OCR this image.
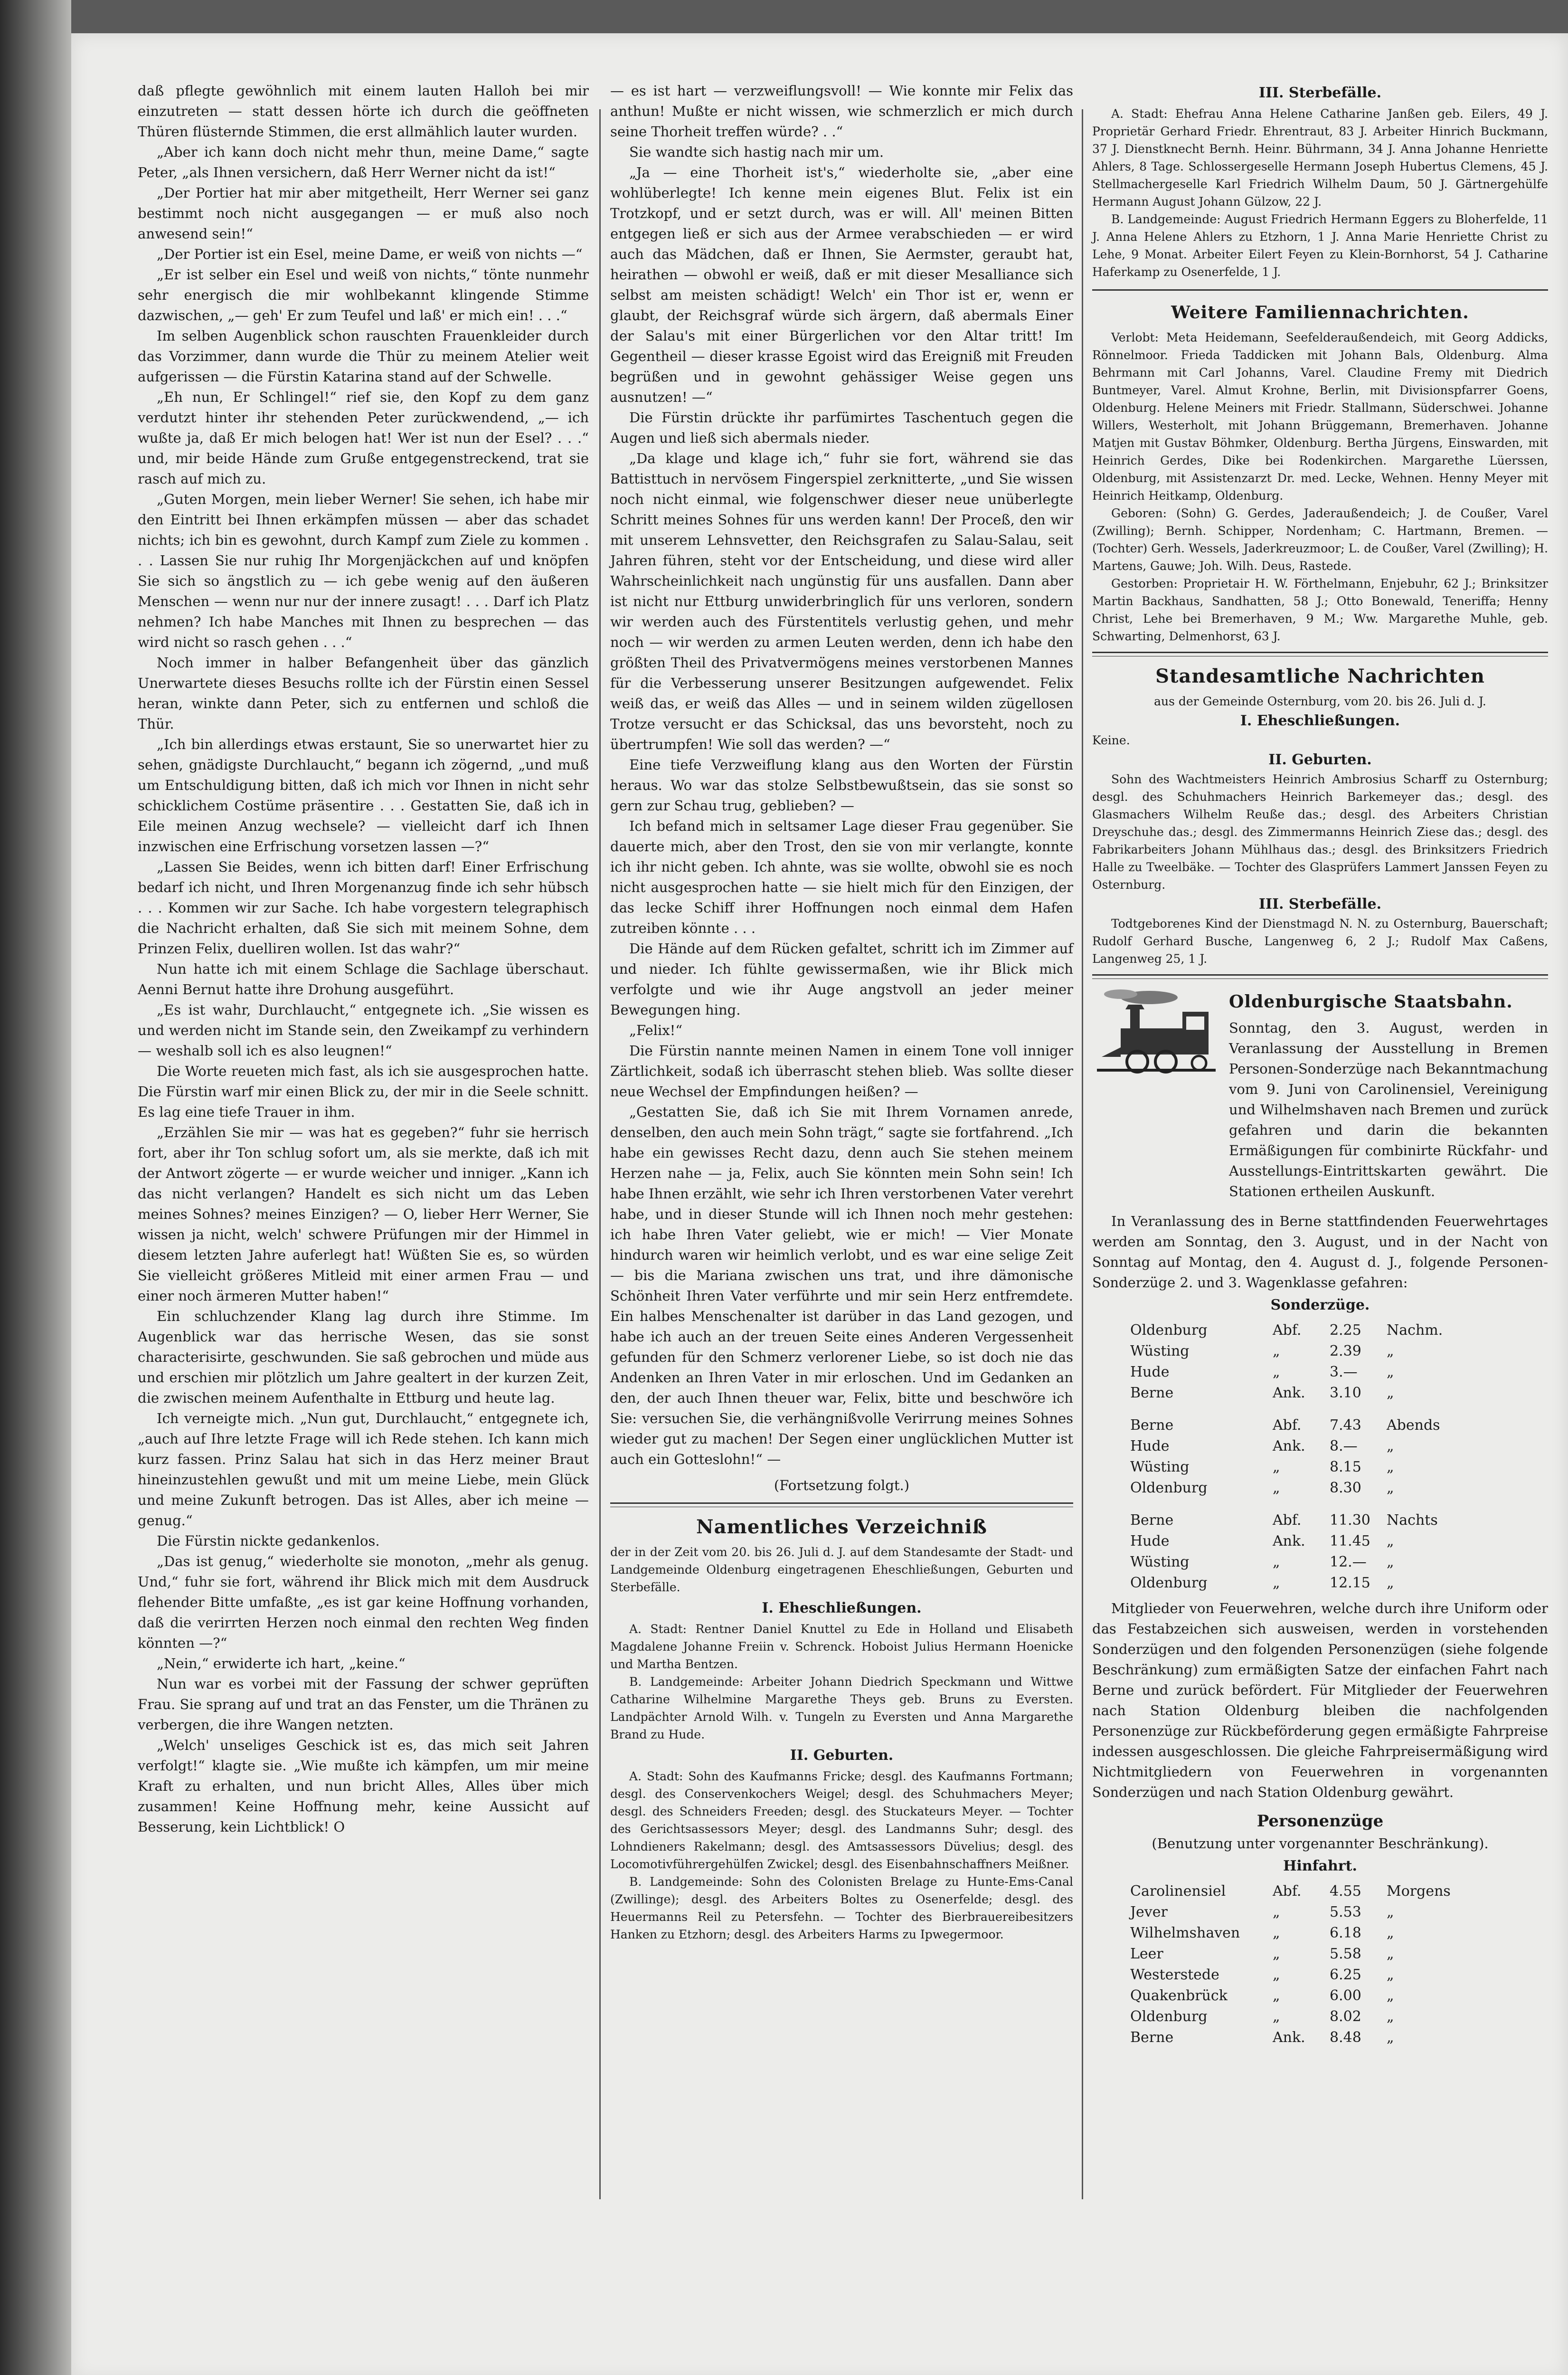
daß pflegte gewöhnlich mit einem lauten Halloh bei mir einzutreten — statt dessen hörte ich durch die geöffneten Thüren flüsternde Stimmen, die erst allmählich lauter wurden.

„Aber ich kann doch nicht mehr thun, meine Dame,“ sagte Peter, „als Ihnen versichern, daß Herr Werner nicht da ist!“

„Der Portier hat mir aber mitgetheilt, Herr Werner sei ganz bestimmt noch nicht ausgegangen — er muß also noch anwesend sein!“

„Der Portier ist ein Esel, meine Dame, er weiß von nichts —“

„Er ist selber ein Esel und weiß von nichts,“ tönte nunmehr sehr energisch die mir wohlbekannt klingende Stimme dazwischen, „— geh' Er zum Teufel und laß' er mich ein! . . .“

Im selben Augenblick schon rauschten Frauenkleider durch das Vorzimmer, dann wurde die Thür zu meinem Atelier weit aufgerissen — die Fürstin Katarina stand auf der Schwelle.

„Eh nun, Er Schlingel!“ rief sie, den Kopf zu dem ganz verdutzt hinter ihr stehenden Peter zurückwendend, „— ich wußte ja, daß Er mich belogen hat! Wer ist nun der Esel? . . .“ und, mir beide Hände zum Gruße entgegenstreckend, trat sie rasch auf mich zu.

„Guten Morgen, mein lieber Werner! Sie sehen, ich habe mir den Eintritt bei Ihnen erkämpfen müssen — aber das schadet nichts; ich bin es gewohnt, durch Kampf zum Ziele zu kommen . . . Lassen Sie nur ruhig Ihr Morgenjäckchen auf und knöpfen Sie sich so ängstlich zu — ich gebe wenig auf den äußeren Menschen — wenn nur nur der innere zusagt! . . . Darf ich Platz nehmen? Ich habe Manches mit Ihnen zu besprechen — das wird nicht so rasch gehen . . .“

Noch immer in halber Befangenheit über das gänzlich Unerwartete dieses Besuchs rollte ich der Fürstin einen Sessel heran, winkte dann Peter, sich zu entfernen und schloß die Thür.

„Ich bin allerdings etwas erstaunt, Sie so unerwartet hier zu sehen, gnädigste Durchlaucht,“ begann ich zögernd, „und muß um Entschuldigung bitten, daß ich mich vor Ihnen in nicht sehr schicklichem Costüme präsentire . . . Gestatten Sie, daß ich in Eile meinen Anzug wechsele? — vielleicht darf ich Ihnen inzwischen eine Erfrischung vorsetzen lassen —?“

„Lassen Sie Beides, wenn ich bitten darf! Einer Erfrischung bedarf ich nicht, und Ihren Morgenanzug finde ich sehr hübsch . . . Kommen wir zur Sache. Ich habe vorgestern telegraphisch die Nachricht erhalten, daß Sie sich mit meinem Sohne, dem Prinzen Felix, duelliren wollen. Ist das wahr?“

Nun hatte ich mit einem Schlage die Sachlage überschaut. Aenni Bernut hatte ihre Drohung ausgeführt.

„Es ist wahr, Durchlaucht,“ entgegnete ich. „Sie wissen es und werden nicht im Stande sein, den Zweikampf zu verhindern — weshalb soll ich es also leugnen!“

Die Worte reueten mich fast, als ich sie ausgesprochen hatte. Die Fürstin warf mir einen Blick zu, der mir in die Seele schnitt. Es lag eine tiefe Trauer in ihm.

„Erzählen Sie mir — was hat es gegeben?“ fuhr sie herrisch fort, aber ihr Ton schlug sofort um, als sie merkte, daß ich mit der Antwort zögerte — er wurde weicher und inniger. „Kann ich das nicht verlangen? Handelt es sich nicht um das Leben meines Sohnes? meines Einzigen? — O, lieber Herr Werner, Sie wissen ja nicht, welch' schwere Prüfungen mir der Himmel in diesem letzten Jahre auferlegt hat! Wüßten Sie es, so würden Sie vielleicht größeres Mitleid mit einer armen Frau — und einer noch ärmeren Mutter haben!“

Ein schluchzender Klang lag durch ihre Stimme. Im Augenblick war das herrische Wesen, das sie sonst characterisirte, geschwunden. Sie saß gebrochen und müde aus und erschien mir plötzlich um Jahre gealtert in der kurzen Zeit, die zwischen meinem Aufenthalte in Ettburg und heute lag.

Ich verneigte mich. „Nun gut, Durchlaucht,“ entgegnete ich, „auch auf Ihre letzte Frage will ich Rede stehen. Ich kann mich kurz fassen. Prinz Salau hat sich in das Herz meiner Braut hineinzustehlen gewußt und mit um meine Liebe, mein Glück und meine Zukunft betrogen. Das ist Alles, aber ich meine — genug.“

Die Fürstin nickte gedankenlos.

„Das ist genug,“ wiederholte sie monoton, „mehr als genug. Und,“ fuhr sie fort, während ihr Blick mich mit dem Ausdruck flehender Bitte umfaßte, „es ist gar keine Hoffnung vorhanden, daß die verirrten Herzen noch einmal den rechten Weg finden könnten —?“

„Nein,“ erwiderte ich hart, „keine.“

Nun war es vorbei mit der Fassung der schwer geprüften Frau. Sie sprang auf und trat an das Fenster, um die Thränen zu verbergen, die ihre Wangen netzten.

„Welch' unseliges Geschick ist es, das mich seit Jahren verfolgt!“ klagte sie. „Wie mußte ich kämpfen, um mir meine Kraft zu erhalten, und nun bricht Alles, Alles über mich zusammen! Keine Hoffnung mehr, keine Aussicht auf Besserung, kein Lichtblick! O

— es ist hart — verzweiflungsvoll! — Wie konnte mir Felix das anthun! Mußte er nicht wissen, wie schmerzlich er mich durch seine Thorheit treffen würde? . .“

Sie wandte sich hastig nach mir um.

„Ja — eine Thorheit ist's,“ wiederholte sie, „aber eine wohlüberlegte! Ich kenne mein eigenes Blut. Felix ist ein Trotzkopf, und er setzt durch, was er will. All' meinen Bitten entgegen ließ er sich aus der Armee verabschieden — er wird auch das Mädchen, daß er Ihnen, Sie Aermster, geraubt hat, heirathen — obwohl er weiß, daß er mit dieser Mesalliance sich selbst am meisten schädigt! Welch' ein Thor ist er, wenn er glaubt, der Reichsgraf würde sich ärgern, daß abermals Einer der Salau's mit einer Bürgerlichen vor den Altar tritt! Im Gegentheil — dieser krasse Egoist wird das Ereigniß mit Freuden begrüßen und in gewohnt gehässiger Weise gegen uns ausnutzen! —“

Die Fürstin drückte ihr parfümirtes Taschentuch gegen die Augen und ließ sich abermals nieder.

„Da klage und klage ich,“ fuhr sie fort, während sie das Battisttuch in nervösem Fingerspiel zerknitterte, „und Sie wissen noch nicht einmal, wie folgenschwer dieser neue unüberlegte Schritt meines Sohnes für uns werden kann! Der Proceß, den wir mit unserem Lehnsvetter, den Reichsgrafen zu Salau-Salau, seit Jahren führen, steht vor der Entscheidung, und diese wird aller Wahrscheinlichkeit nach ungünstig für uns ausfallen. Dann aber ist nicht nur Ettburg unwiderbringlich für uns verloren, sondern wir werden auch des Fürstentitels verlustig gehen, und mehr noch — wir werden zu armen Leuten werden, denn ich habe den größten Theil des Privatvermögens meines verstorbenen Mannes für die Verbesserung unserer Besitzungen aufgewendet. Felix weiß das, er weiß das Alles — und in seinem wilden zügellosen Trotze versucht er das Schicksal, das uns bevorsteht, noch zu übertrumpfen! Wie soll das werden? —“

Eine tiefe Verzweiflung klang aus den Worten der Fürstin heraus. Wo war das stolze Selbstbewußtsein, das sie sonst so gern zur Schau trug, geblieben? —

Ich befand mich in seltsamer Lage dieser Frau gegenüber. Sie dauerte mich, aber den Trost, den sie von mir verlangte, konnte ich ihr nicht geben. Ich ahnte, was sie wollte, obwohl sie es noch nicht ausgesprochen hatte — sie hielt mich für den Einzigen, der das lecke Schiff ihrer Hoffnungen noch einmal dem Hafen zutreiben könnte . . .

Die Hände auf dem Rücken gefaltet, schritt ich im Zimmer auf und nieder. Ich fühlte gewissermaßen, wie ihr Blick mich verfolgte und wie ihr Auge angstvoll an jeder meiner Bewegungen hing.

„Felix!“

Die Fürstin nannte meinen Namen in einem Tone voll inniger Zärtlichkeit, sodaß ich überrascht stehen blieb. Was sollte dieser neue Wechsel der Empfindungen heißen? —

„Gestatten Sie, daß ich Sie mit Ihrem Vornamen anrede, denselben, den auch mein Sohn trägt,“ sagte sie fortfahrend. „Ich habe ein gewisses Recht dazu, denn auch Sie stehen meinem Herzen nahe — ja, Felix, auch Sie könnten mein Sohn sein! Ich habe Ihnen erzählt, wie sehr ich Ihren verstorbenen Vater verehrt habe, und in dieser Stunde will ich Ihnen noch mehr gestehen: ich habe Ihren Vater geliebt, wie er mich! — Vier Monate hindurch waren wir heimlich verlobt, und es war eine selige Zeit — bis die Mariana zwischen uns trat, und ihre dämonische Schönheit Ihren Vater verführte und mir sein Herz entfremdete. Ein halbes Menschenalter ist darüber in das Land gezogen, und habe ich auch an der treuen Seite eines Anderen Vergessenheit gefunden für den Schmerz verlorener Liebe, so ist doch nie das Andenken an Ihren Vater in mir erloschen. Und im Gedanken an den, der auch Ihnen theuer war, Felix, bitte und beschwöre ich Sie: versuchen Sie, die verhängnißvolle Verirrung meines Sohnes wieder gut zu machen! Der Segen einer unglücklichen Mutter ist auch ein Gotteslohn!“ —

(Fortsetzung folgt.)
Namentliches Verzeichniß
der in der Zeit vom 20. bis 26. Juli d. J. auf dem Standesamte der Stadt- und Landgemeinde Oldenburg eingetragenen Eheschließungen, Geburten und Sterbefälle.
I. Eheschließungen.

A. Stadt: Rentner Daniel Knuttel zu Ede in Holland und Elisabeth Magdalene Johanne Freiin v. Schrenck. Hoboist Julius Hermann Hoenicke und Martha Bentzen.

B. Landgemeinde: Arbeiter Johann Diedrich Speckmann und Wittwe Catharine Wilhelmine Margarethe Theys geb. Bruns zu Eversten. Landpächter Arnold Wilh. v. Tungeln zu Eversten und Anna Margarethe Brand zu Hude.

II. Geburten.

A. Stadt: Sohn des Kaufmanns Fricke; desgl. des Kaufmanns Fortmann; desgl. des Conservenkochers Weigel; desgl. des Schuhmachers Meyer; desgl. des Schneiders Freeden; desgl. des Stuckateurs Meyer. — Tochter des Gerichtsassessors Meyer; desgl. des Landmanns Suhr; desgl. des Lohndieners Rakelmann; desgl. des Amtsassessors Düvelius; desgl. des Locomotivführergehülfen Zwickel; desgl. des Eisenbahnschaffners Meißner.

B. Landgemeinde: Sohn des Colonisten Brelage zu Hunte-Ems-Canal (Zwillinge); desgl. des Arbeiters Boltes zu Osenerfelde; desgl. des Heuermanns Reil zu Petersfehn. — Tochter des Bierbrauereibesitzers Hanken zu Etzhorn; desgl. des Arbeiters Harms zu Ipwegermoor.

III. Sterbefälle.

A. Stadt: Ehefrau Anna Helene Catharine Janßen geb. Eilers, 49 J. Proprietär Gerhard Friedr. Ehrentraut, 83 J. Arbeiter Hinrich Buckmann, 37 J. Dienstknecht Bernh. Heinr. Bührmann, 34 J. Anna Johanne Henriette Ahlers, 8 Tage. Schlossergeselle Hermann Joseph Hubertus Clemens, 45 J. Stellmachergeselle Karl Friedrich Wilhelm Daum, 50 J. Gärtnergehülfe Hermann August Johann Gülzow, 22 J.

B. Landgemeinde: August Friedrich Hermann Eggers zu Bloherfelde, 11 J. Anna Helene Ahlers zu Etzhorn, 1 J. Anna Marie Henriette Christ zu Lehe, 9 Monat. Arbeiter Eilert Feyen zu Klein-Bornhorst, 54 J. Catharine Haferkamp zu Osenerfelde, 1 J.

Weitere Familiennachrichten.

Verlobt: Meta Heidemann, Seefelderaußendeich, mit Georg Addicks, Rönnelmoor. Frieda Taddicken mit Johann Bals, Oldenburg. Alma Behrmann mit Carl Johanns, Varel. Claudine Fremy mit Diedrich Buntmeyer, Varel. Almut Krohne, Berlin, mit Divisionspfarrer Goens, Oldenburg. Helene Meiners mit Friedr. Stallmann, Süderschwei. Johanne Willers, Westerholt, mit Johann Brüggemann, Bremerhaven. Johanne Matjen mit Gustav Böhmker, Oldenburg. Bertha Jürgens, Einswarden, mit Heinrich Gerdes, Dike bei Rodenkirchen. Margarethe Lüerssen, Oldenburg, mit Assistenzarzt Dr. med. Lecke, Wehnen. Henny Meyer mit Heinrich Heitkamp, Oldenburg.

Geboren: (Sohn) G. Gerdes, Jaderaußendeich; J. de Coußer, Varel (Zwilling); Bernh. Schipper, Nordenham; C. Hartmann, Bremen. — (Tochter) Gerh. Wessels, Jaderkreuzmoor; L. de Coußer, Varel (Zwilling); H. Martens, Gauwe; Joh. Wilh. Deus, Rastede.

Gestorben: Proprietair H. W. Förthelmann, Enjebuhr, 62 J.; Brinksitzer Martin Backhaus, Sandhatten, 58 J.; Otto Bonewald, Teneriffa; Henny Christ, Lehe bei Bremerhaven, 9 M.; Ww. Margarethe Muhle, geb. Schwarting, Delmenhorst, 63 J.

Standesamtliche Nachrichten
aus der Gemeinde Osternburg, vom 20. bis 26. Juli d. J.
I. Eheschließungen.

Keine.

II. Geburten.

Sohn des Wachtmeisters Heinrich Ambrosius Scharff zu Osternburg; desgl. des Schuhmachers Heinrich Barkemeyer das.; desgl. des Glasmachers Wilhelm Reuße das.; desgl. des Arbeiters Christian Dreyschuhe das.; desgl. des Zimmermanns Heinrich Ziese das.; desgl. des Fabrikarbeiters Johann Mühlhaus das.; desgl. des Brinksitzers Friedrich Halle zu Tweelbäke. — Tochter des Glasprüfers Lammert Janssen Feyen zu Osternburg.

III. Sterbefälle.

Todtgeborenes Kind der Dienstmagd N. N. zu Osternburg, Bauerschaft; Rudolf Gerhard Busche, Langenweg 6, 2 J.; Rudolf Max Caßens, Langenweg 25, 1 J.

Oldenburgische Staatsbahn.

Sonntag, den 3. August, werden in Veranlassung der Ausstellung in Bremen Personen-Sonderzüge nach Bekanntmachung vom 9. Juni von Carolinensiel, Vereinigung und Wilhelmshaven nach Bremen und zurück gefahren und darin die bekannten Ermäßigungen für combinirte Rückfahr- und Ausstellungs-Eintrittskarten gewährt. Die Stationen ertheilen Auskunft.

In Veranlassung des in Berne stattfindenden Feuerwehrtages werden am Sonntag, den 3. August, und in der Nacht von Sonntag auf Montag, den 4. August d. J., folgende Personen-Sonderzüge 2. und 3. Wagenklasse gefahren:

Sonderzüge.
Oldenburg	Abf.	2.25	Nachm.
Wüsting	„	2.39	„
Hude	„	3.—	„
Berne	Ank.	3.10	„
Berne	Abf.	7.43	Abends
Hude	Ank.	8.—	„
Wüsting	„	8.15	„
Oldenburg	„	8.30	„
Berne	Abf.	11.30	Nachts
Hude	Ank.	11.45	„
Wüsting	„	12.—	„
Oldenburg	„	12.15	„

Mitglieder von Feuerwehren, welche durch ihre Uniform oder das Festabzeichen sich ausweisen, werden in vorstehenden Sonderzügen und den folgenden Personenzügen (siehe folgende Beschränkung) zum ermäßigten Satze der einfachen Fahrt nach Berne und zurück befördert. Für Mitglieder der Feuerwehren nach Station Oldenburg bleiben die nachfolgenden Personenzüge zur Rückbeförderung gegen ermäßigte Fahrpreise indessen ausgeschlossen. Die gleiche Fahrpreisermäßigung wird Nichtmitgliedern von Feuerwehren in vorgenannten Sonderzügen und nach Station Oldenburg gewährt.

Personenzüge
(Benutzung unter vorgenannter Beschränkung).
Hinfahrt.
Carolinensiel	Abf.	4.55	Morgens
Jever	„	5.53	„
Wilhelmshaven	„	6.18	„
Leer	„	5.58	„
Westerstede	„	6.25	„
Quakenbrück	„	6.00	„
Oldenburg	„	8.02	„
Berne	Ank.	8.48	„
